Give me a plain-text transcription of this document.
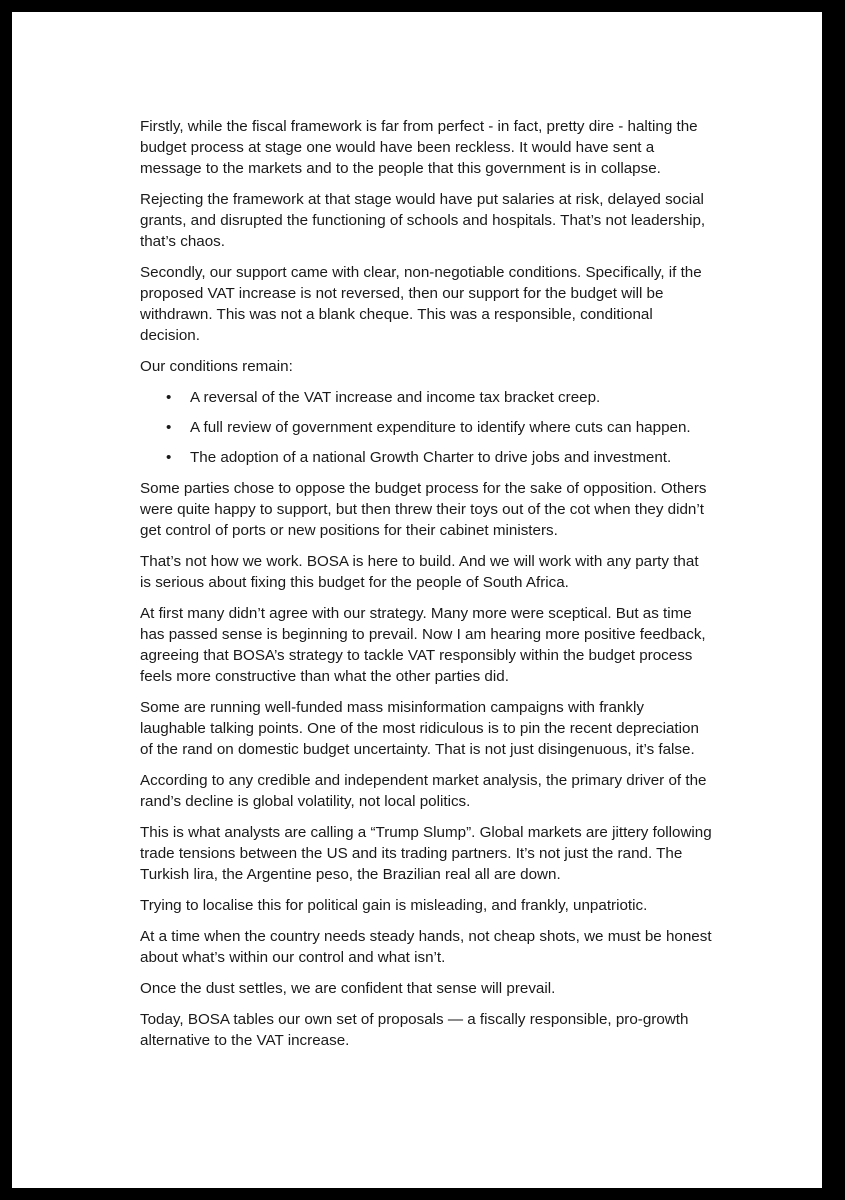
Firstly, while the fiscal framework is far from perfect - in fact, pretty dire - halting the budget process at stage one would have been reckless. It would have sent a message to the markets and to the people that this government is in collapse.

Rejecting the framework at that stage would have put salaries at risk, delayed social grants, and disrupted the functioning of schools and hospitals. That’s not leadership, that’s chaos.

Secondly, our support came with clear, non-negotiable conditions. Specifically, if the proposed VAT increase is not reversed, then our support for the budget will be withdrawn. This was not a blank cheque. This was a responsible, conditional decision.

Our conditions remain:

• A reversal of the VAT increase and income tax bracket creep.
• A full review of government expenditure to identify where cuts can happen.
• The adoption of a national Growth Charter to drive jobs and investment.

Some parties chose to oppose the budget process for the sake of opposition. Others were quite happy to support, but then threw their toys out of the cot when they didn’t get control of ports or new positions for their cabinet ministers.

That’s not how we work. BOSA is here to build. And we will work with any party that is serious about fixing this budget for the people of South Africa.

At first many didn’t agree with our strategy. Many more were sceptical. But as time has passed sense is beginning to prevail. Now I am hearing more positive feedback, agreeing that BOSA’s strategy to tackle VAT responsibly within the budget process feels more constructive than what the other parties did.

Some are running well-funded mass misinformation campaigns with frankly laughable talking points. One of the most ridiculous is to pin the recent depreciation of the rand on domestic budget uncertainty. That is not just disingenuous, it’s false.

According to any credible and independent market analysis, the primary driver of the rand’s decline is global volatility, not local politics.

This is what analysts are calling a “Trump Slump”. Global markets are jittery following trade tensions between the US and its trading partners. It’s not just the rand. The Turkish lira, the Argentine peso, the Brazilian real all are down.

Trying to localise this for political gain is misleading, and frankly, unpatriotic.

At a time when the country needs steady hands, not cheap shots, we must be honest about what’s within our control and what isn’t.

Once the dust settles, we are confident that sense will prevail.

Today, BOSA tables our own set of proposals — a fiscally responsible, pro-growth alternative to the VAT increase.
